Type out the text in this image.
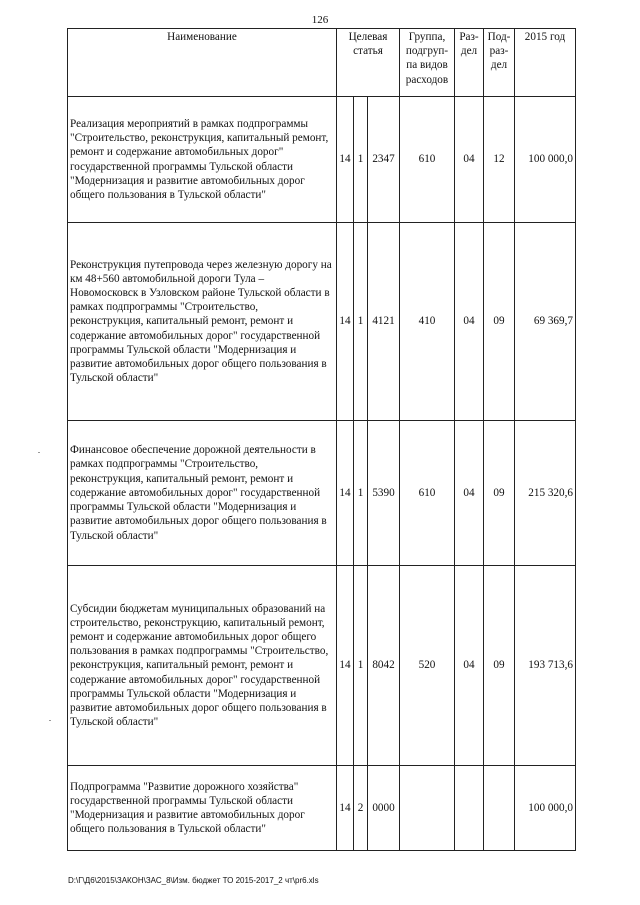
126
Наименование	Целевая статья			Группа, подгруп-па видов расходов	Раз-дел	Под-раз-дел	2015 год
Реализация мероприятий в рамках подпрограммы "Строительство, реконструкция, капитальный ремонт, ремонт и содержание автомобильных дорог" государственной программы Тульской области "Модернизация и развитие автомобильных дорог общего пользования в Тульской области"	14	1	2347	610	04	12	100 000,0
Реконструкция путепровода через железную дорогу на км 48+560 автомобильной дороги Тула – Новомосковск в Узловском районе Тульской области в рамках подпрограммы "Строительство, реконструкция, капитальный ремонт, ремонт и содержание автомобильных дорог" государственной программы Тульской области "Модернизация и развитие автомобильных дорог общего пользования в Тульской области"	14	1	4121	410	04	09	69 369,7
Финансовое обеспечение дорожной деятельности в рамках подпрограммы "Строительство, реконструкция, капитальный ремонт, ремонт и содержание автомобильных дорог" государственной программы Тульской области "Модернизация и развитие автомобильных дорог общего пользования в Тульской области"	14	1	5390	610	04	09	215 320,6
Субсидии бюджетам муниципальных образований на строительство, реконструкцию, капитальный ремонт, ремонт и содержание автомобильных дорог общего пользования в рамках подпрограммы "Строительство, реконструкция, капитальный ремонт, ремонт и содержание автомобильных дорог" государственной программы Тульской области "Модернизация и развитие автомобильных дорог общего пользования в Тульской области"	14	1	8042	520	04	09	193 713,6
Подпрограмма "Развитие дорожного хозяйства" государственной программы Тульской области "Модернизация и развитие автомобильных дорог общего пользования в Тульской области"	14	2	0000				100 000,0
D:\Г\Д6\2015\ЗАКОН\ЗАС_8\Изм. бюджет ТО 2015-2017_2 чт\pr6.xls
